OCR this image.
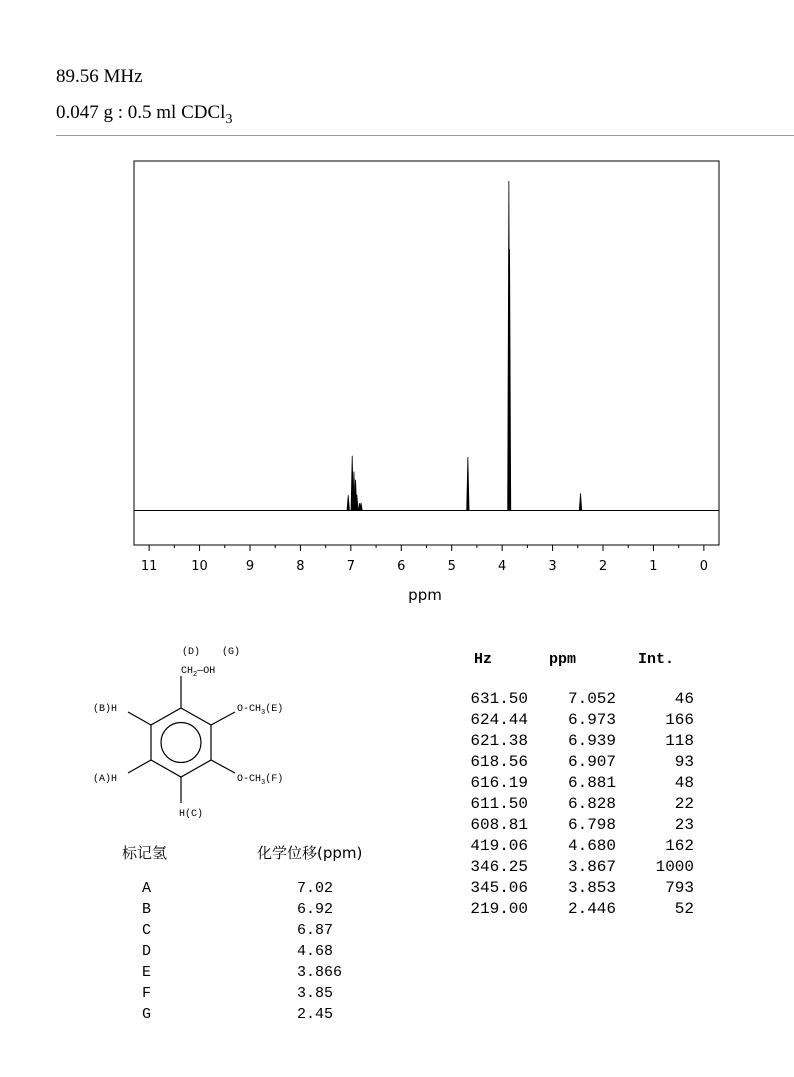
89.56 MHz
0.047 g : 0.5 ml CDCl$_3$
11	10	9	8	7	6	5	4	3	2	1	0
ppm
(D) (G)
$CH_2—OH$
(B)H	$O-CH_3(E)$
(A)H	$O-CH_3(F)$
H(C)
标记氢	化学位移(ppm)
A	7.02
B	6.92
C	6.87
D	4.68
E	3.866
F	3.85
G	2.45
Hz	ppm	Int.
631.50	7.052	46
624.44	6.973	166
621.38	6.939	118
618.56	6.907	93
616.19	6.881	48
611.50	6.828	22
608.81	6.798	23
419.06	4.680	162
346.25	3.867	1000
345.06	3.853	793
219.00	2.446	52
